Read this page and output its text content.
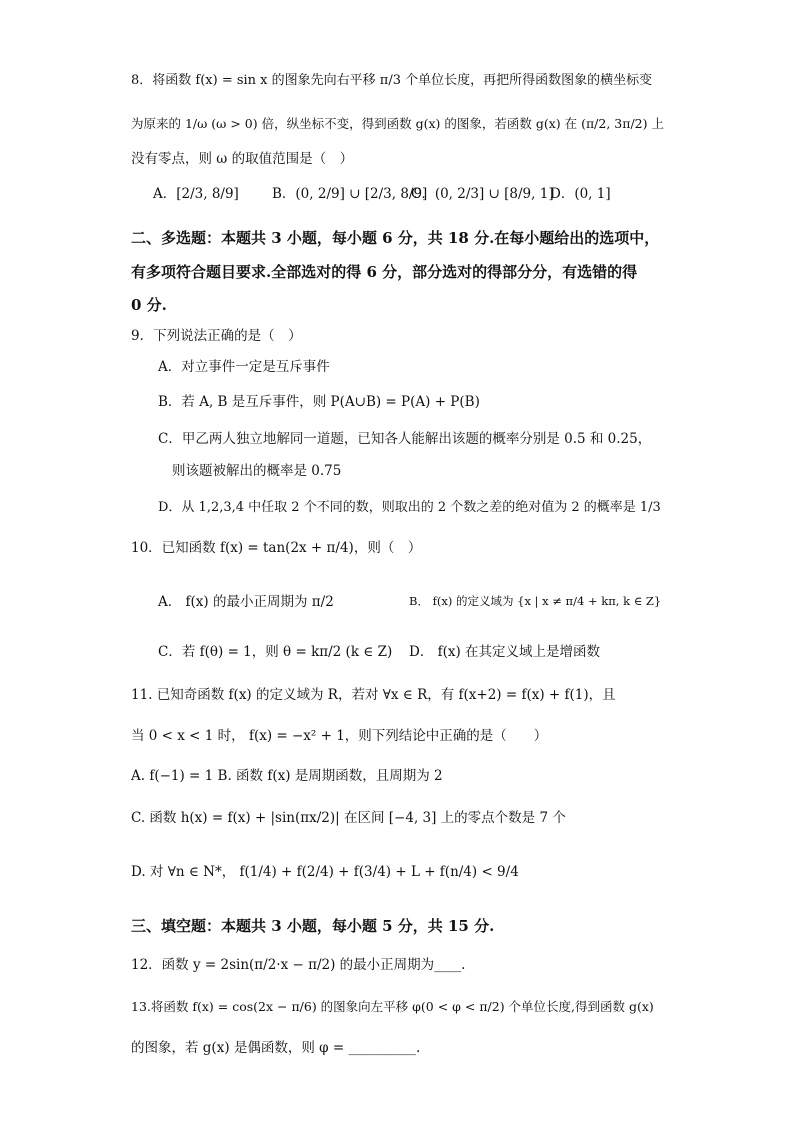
8．将函数 f(x) = sin x 的图象先向右平移 π/3 个单位长度，再把所得函数图象的横坐标变
为原来的 1/ω (ω > 0) 倍，纵坐标不变，得到函数 g(x) 的图象，若函数 g(x) 在 (π/2, 3π/2) 上
没有零点，则 ω 的取值范围是（　）
A．[2/3, 8/9] B．(0, 2/9] ∪ [2/3, 8/9]
C．(0, 2/3] ∪ [8/9, 1]
D．(0, 1]
二、多选题：本题共 3 小题，每小题 6 分，共 18 分.在每小题给出的选项中，
有多项符合题目要求.全部选对的得 6 分，部分选对的得部分分，有选错的得
0 分.
9．下列说法正确的是（　）
A．对立事件一定是互斥事件
B．若 A, B 是互斥事件，则 P(A∪B) = P(A) + P(B)
C．甲乙两人独立地解同一道题，已知各人能解出该题的概率分别是 0.5 和 0.25，
则该题被解出的概率是 0.75
D．从 1,2,3,4 中任取 2 个不同的数，则取出的 2 个数之差的绝对值为 2 的概率是 1/3
10．已知函数 f(x) = tan(2x + π/4)，则（　）
A． f(x) 的最小正周期为 π/2	B． f(x) 的定义域为 {x | x ≠ π/4 + kπ, k ∈ Z}
C．若 f(θ) = 1，则 θ = kπ/2 (k ∈ Z) D． f(x) 在其定义域上是增函数
11. 已知奇函数 f(x) 的定义域为 R，若对 ∀x ∈ R，有 f(x+2) = f(x) + f(1)，且
当 0 < x < 1 时， f(x) = −x² + 1，则下列结论中正确的是（　　）
A. f(−1) = 1 B. 函数 f(x) 是周期函数，且周期为 2
C. 函数 h(x) = f(x) + |sin(πx/2)| 在区间 [−4, 3] 上的零点个数是 7 个
D. 对 ∀n ∈ N*， f(1/4) + f(2/4) + f(3/4) + L + f(n/4) < 9/4
三、填空题：本题共 3 小题，每小题 5 分，共 15 分.
12．函数 y = 2sin(π/2·x − π/2) 的最小正周期为____.
13.将函数 f(x) = cos(2x − π/6) 的图象向左平移 φ(0 < φ < π/2) 个单位长度,得到函数 g(x)
的图象，若 g(x) 是偶函数，则 φ = __________.
